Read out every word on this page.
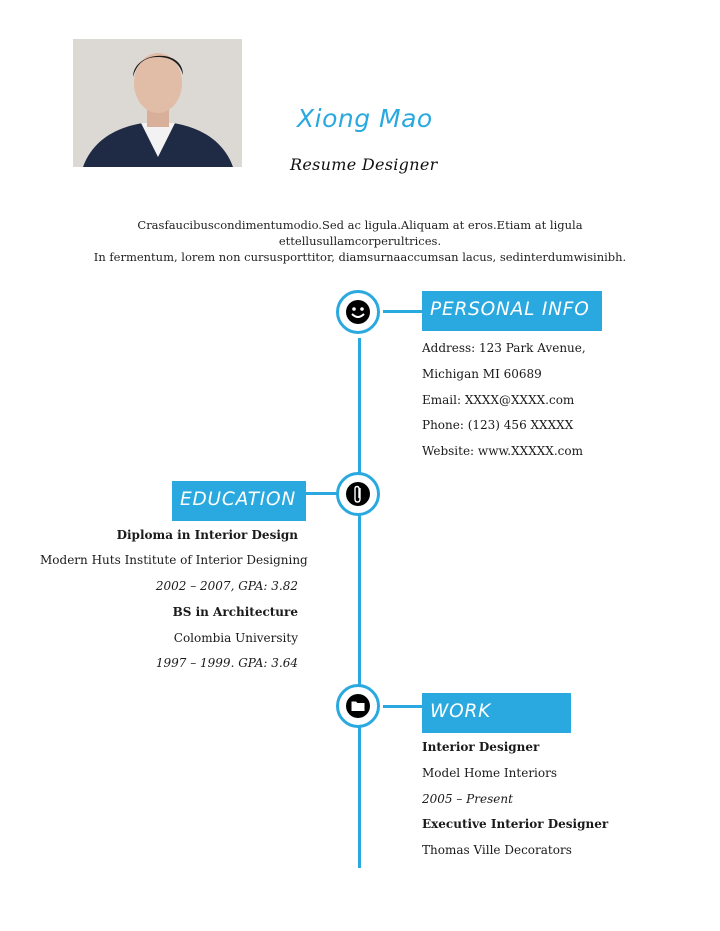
Xiong Mao
Resume Designer
Crasfaucibuscondimentumodio.Sed ac ligula.Aliquam at eros.Etiam at ligula ettellusullamcorperultrices.
In fermentum, lorem non cursusporttitor, diamsurnaaccumsan lacus, sedinterdumwisinibh.
PERSONAL INFO
Address: 123 Park Avenue,
Michigan MI 60689
Email: XXXX@XXXX.com
Phone: (123) 456 XXXXX
Website: www.XXXXX.com
EDUCATION
Diploma in Interior Design
Modern Huts Institute of Interior Designing
2002 – 2007, GPA: 3.82
BS in Architecture
Colombia University
1997 – 1999. GPA: 3.64
WORK
Interior Designer
Model Home Interiors
2005 – Present
Executive Interior Designer
Thomas Ville Decorators
